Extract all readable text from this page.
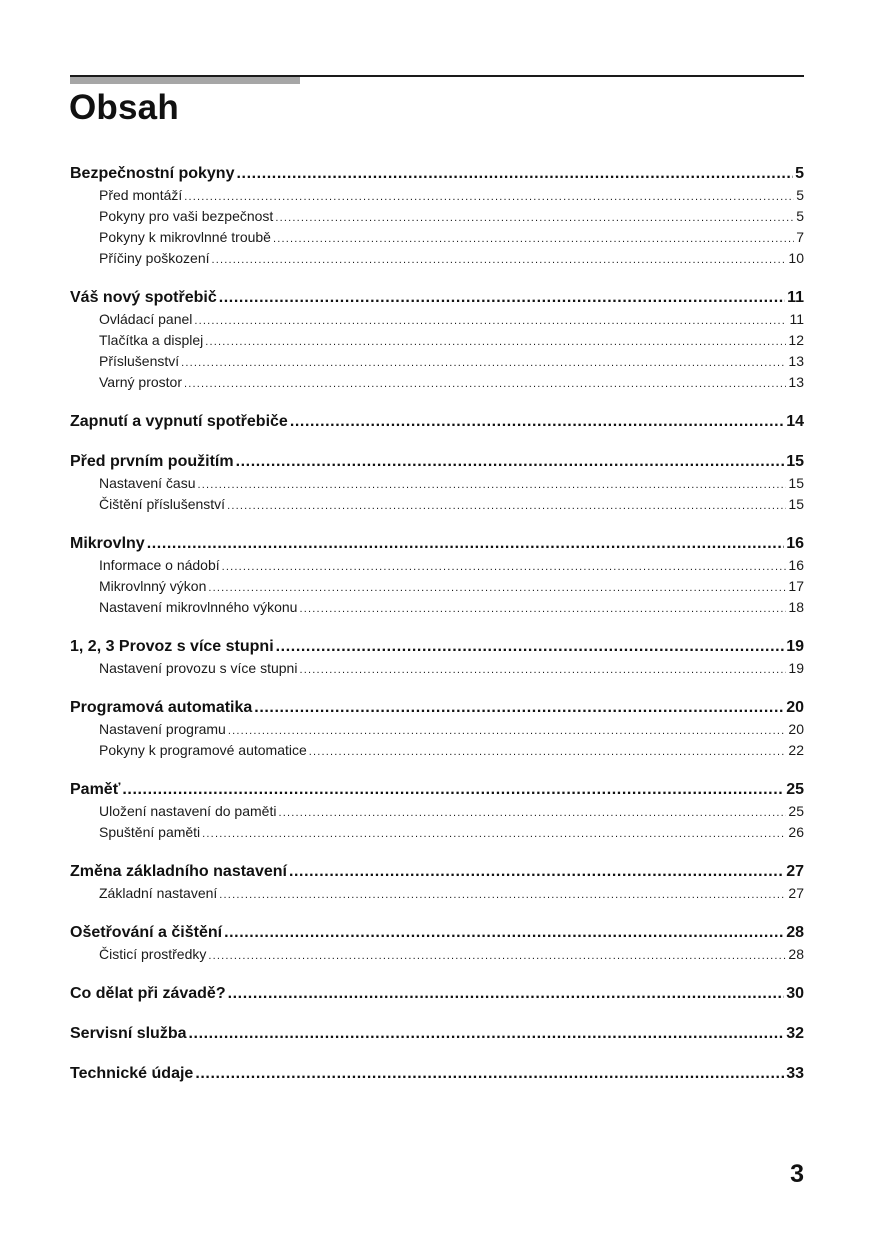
Obsah
Bezpečnostní pokyny .....	5
Před montáží .....	5
Pokyny pro vaši bezpečnost .....	5
Pokyny k mikrovlnné troubě .....	7
Příčiny poškození .....	10
Váš nový spotřebič .....	11
Ovládací panel .....	11
Tlačítka a displej .....	12
Příslušenství .....	13
Varný prostor .....	13
Zapnutí a vypnutí spotřebiče .....	14
Před prvním použitím .....	15
Nastavení času .....	15
Čištění příslušenství .....	15
Mikrovlny .....	16
Informace o nádobí .....	16
Mikrovlnný výkon .....	17
Nastavení mikrovlnného výkonu .....	18
1, 2, 3 Provoz s více stupni .....	19
Nastavení provozu s více stupni .....	19
Programová automatika .....	20
Nastavení programu .....	20
Pokyny k programové automatice .....	22
Paměť .....	25
Uložení nastavení do paměti .....	25
Spuštění paměti .....	26
Změna základního nastavení .....	27
Základní nastavení .....	27
Ošetřování a čištění .....	28
Čisticí prostředky .....	28
Co dělat při závadě? .....	30
Servisní služba .....	32
Technické údaje .....	33
3
